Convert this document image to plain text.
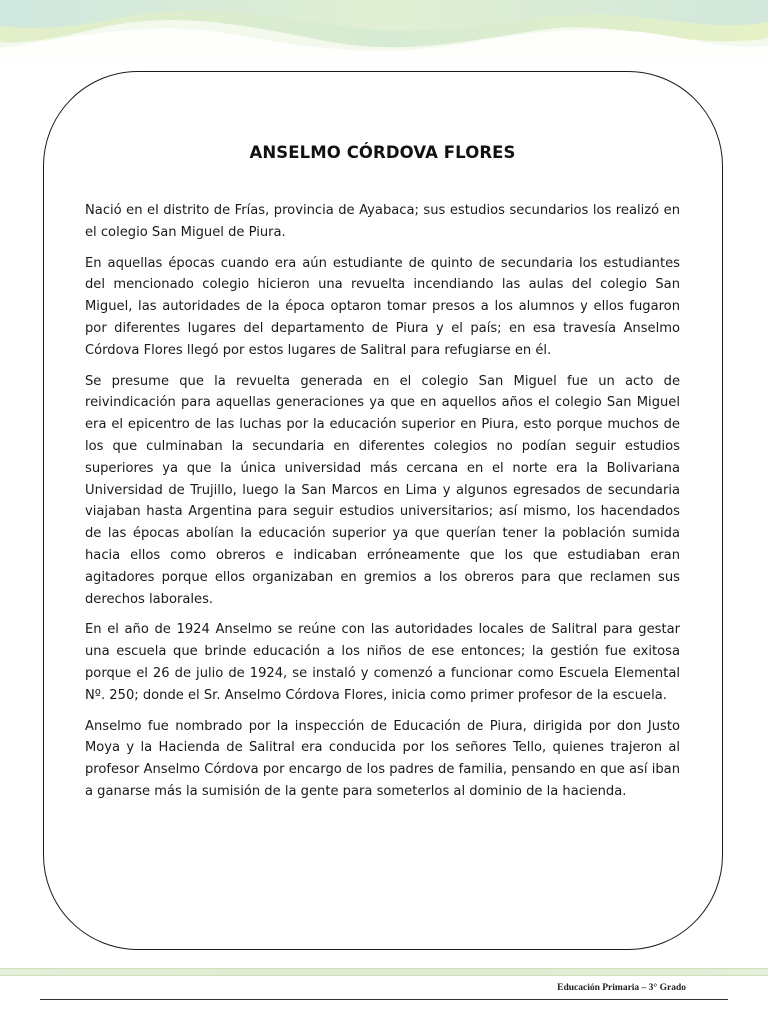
ANSELMO CÓRDOVA FLORES

Nació en el distrito de Frías, provincia de Ayabaca; sus estudios secundarios los realizó en el colegio San Miguel de Piura.

En aquellas épocas cuando era aún estudiante de quinto de secundaria los estudiantes del mencionado colegio hicieron una revuelta incendiando las aulas del colegio San Miguel, las autoridades de la época optaron tomar presos a los alumnos y ellos fugaron por diferentes lugares del departamento de Piura y el país; en esa travesía Anselmo Córdova Flores llegó por estos lugares de Salitral para refugiarse en él.

Se presume que la revuelta generada en el colegio San Miguel fue un acto de reivindicación para aquellas generaciones ya que en aquellos años el colegio San Miguel era el epicentro de las luchas por la educación superior en Piura, esto porque muchos de los que culminaban la secundaria en diferentes colegios no podían seguir estudios superiores ya que la única universidad más cercana en el norte era la Bolivariana Universidad de Trujillo, luego la San Marcos en Lima y algunos egresados de secundaria viajaban hasta Argentina para seguir estudios universitarios; así mismo, los hacendados de las épocas abolían la educación superior ya que querían tener la población sumida hacia ellos como obreros e indicaban erróneamente que los que estudiaban eran agitadores porque ellos organizaban en gremios a los obreros para que reclamen sus derechos laborales.

En el año de 1924 Anselmo se reúne con las autoridades locales de Salitral para gestar una escuela que brinde educación a los niños de ese entonces; la gestión fue exitosa porque el 26 de julio de 1924, se instaló y comenzó a funcionar como Escuela Elemental Nº. 250; donde el Sr. Anselmo Córdova Flores, inicia como primer profesor de la escuela.

Anselmo fue nombrado por la inspección de Educación de Piura, dirigida por don Justo Moya y la Hacienda de Salitral era conducida por los señores Tello, quienes trajeron al profesor Anselmo Córdova por encargo de los padres de familia, pensando en que así iban a ganarse más la sumisión de la gente para someterlos al dominio de la hacienda.

Educación Primaria – 3° Grado
